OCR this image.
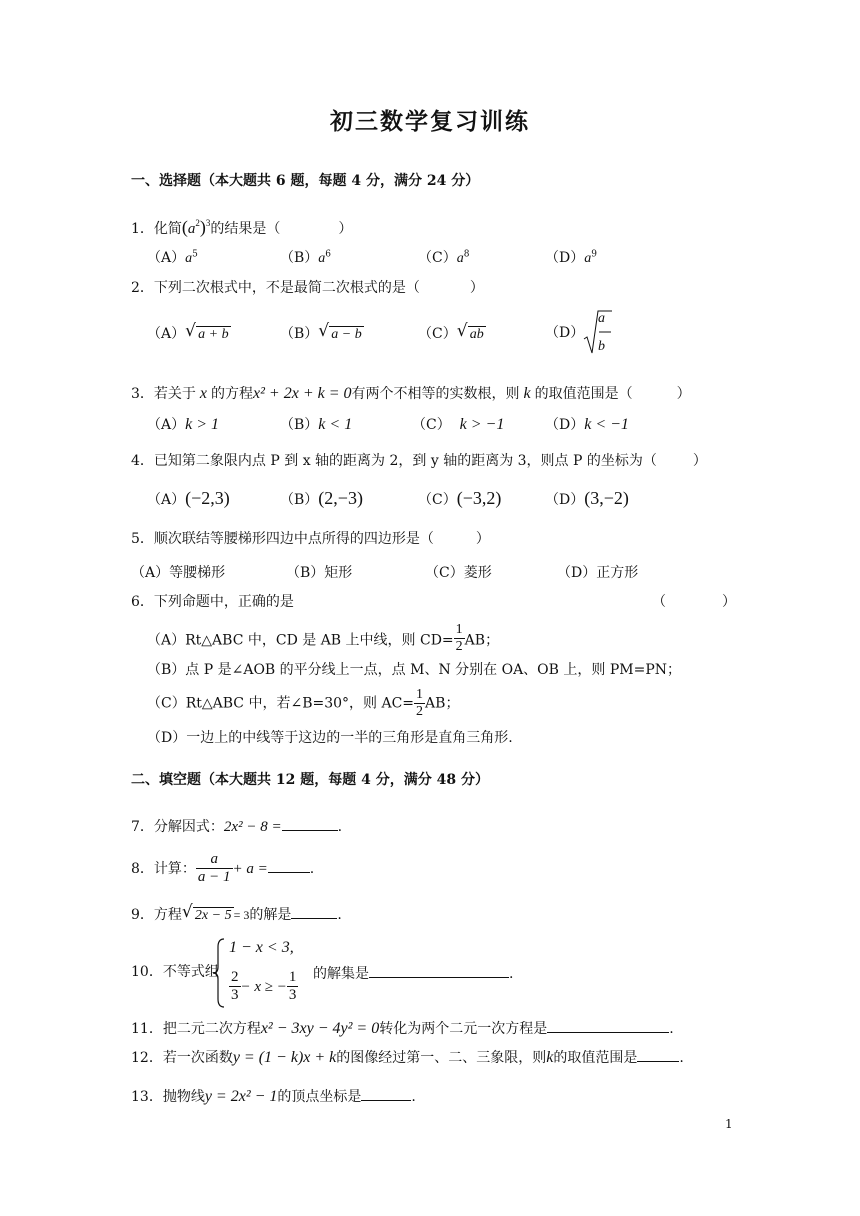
初三数学复习训练
一、选择题（本大题共 6 题，每题 4 分，满分 24 分）
1．化简$(a^2)^3$的结果是（	）
$(A)a^5$	$(B)a^6$	$(C)a^8$	$(D)a^9$
2．下列二次根式中，不是最简二次根式的是（	）
（A） √ a + b	（B） √ a − b	（C） √ ab	（D）
a
b
3．若关于 x 的方程x² + 2x + k = 0有两个不相等的实数根，则 k 的取值范围是（	）
（A）k > 1	（B）k < 1	（C） k > −1	（D）k < −1
4．已知第二象限内点 P 到 x 轴的距离为 2，到 y 轴的距离为 3，则点 P 的坐标为（	）
（A）(−2,3)	（B）(2,−3)	（C）(−3,2)	（D）(3,−2)
5．顺次联结等腰梯形四边中点所得的四边形是（	）
（A）等腰梯形	（B）矩形	（C）菱形	（D）正方形
6．下列命题中，正确的是	（	）
（A）Rt△ABC 中，CD 是 AB 上中线，则 $CD= \frac{1}{2}$ AB；
（B）点 P 是∠AOB 的平分线上一点，点 M、N 分别在 OA、OB 上，则 PM=PN；
（C）Rt△ABC 中，若∠B=30°，则 $AC= \frac{1}{2}$ AB；
（D）一边上的中线等于这边的一半的三角形是直角三角形.
二、填空题（本大题共 12 题，每题 4 分，满分 48 分）
7．分解因式：2x² − 8 =	.
8．计算： $\frac{a}{a - 1} + a$ =	.
9．方程 √ 2x − 5 = 3的解是	.
10．不等式组
1 − x < 3,
$\frac{2}{3} - x$ ≥ − $\frac{1}{3}$ 的解集是	.
11．把二元二次方程x² − 3xy − 4y² = 0转化为两个二元一次方程是	.
12．若一次函数y = (1 − k)x + k的图像经过第一、二、三象限，则k的取值范围是	.
13．抛物线y = 2x² − 1的顶点坐标是	.
1
